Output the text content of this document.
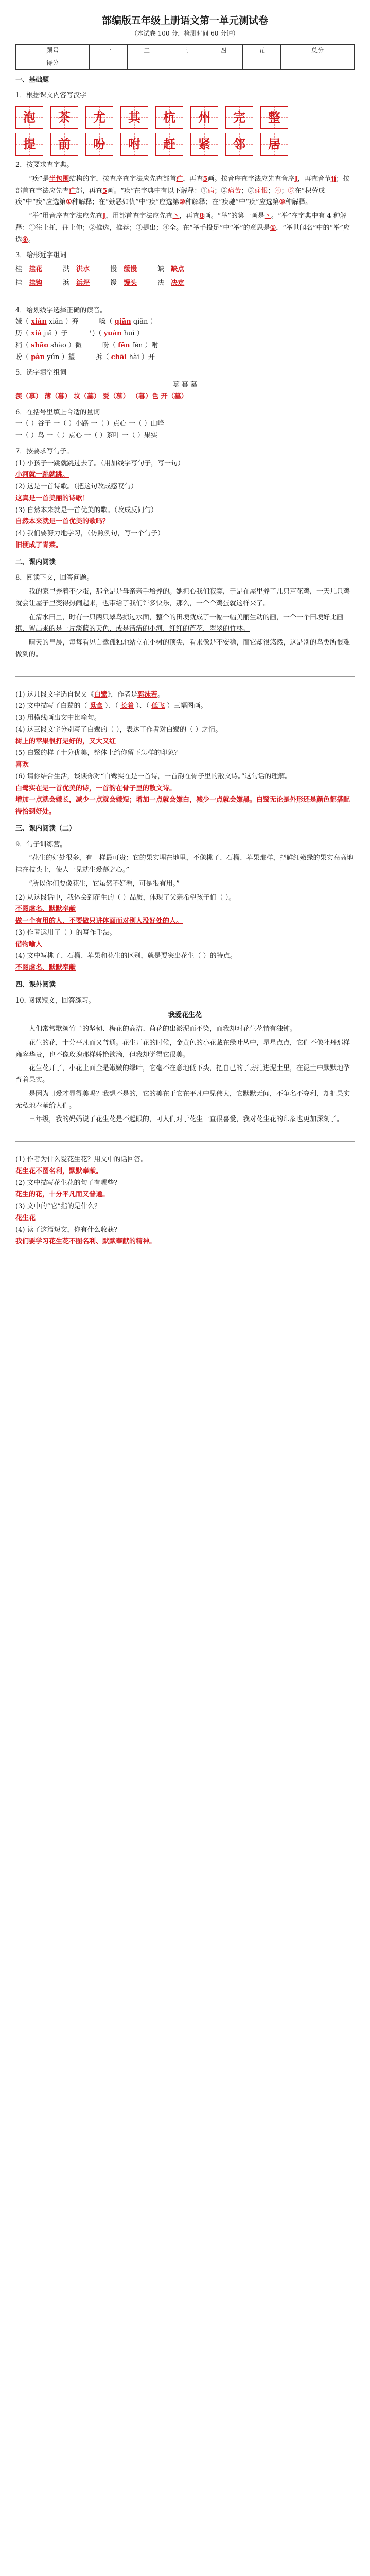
部编版五年级上册语文第一单元测试卷
（本试卷 100 分，检测时间 60 分钟）
题号	一	二	三	四	五	总分
得分						
一、基础题
1．根据课文内容写汉字
泡 茶 尤 其 杭 州 完 整
提 前 吩 咐 赶 紧 邻 居
2．按要求查字典。
“疾”是半包围结构的字，按查序查字法应先查部首疒，再查5画。按音序查字法应先查音序J，再查音节jí；按部首查字法应先查疒部，再查5画。“疾”在字典中有以下解释：①病；②痛苦；③痛恨；④；⑤在“积劳成疾”中“疾”应选第①种解释；在“嫉恶如仇”中“疾”应选第③种解释；在“疾驰”中“疾”应选第⑤种解释。
“举”用音序查字法应先查J，用部首查字法应先查丶，再查8画。“举”的第一画是丶。“举”在字典中有 4 种解释：①往上托，往上伸；②推选，推荐；③提出；④全。在“举手投足”中“举”的意思是①，“举世闻名”中的“举”应选④。
3．给形近字组词
桂　 挂花	洪　 洪水	慢　 缓慢	缺　 缺点
挂　 挂钩	浜　 浜坪	馒　 馒头	决　 决定
4．给划线字选择正确的读音。
嫌（ xián xiǎn ）弃	嗓（ qiān qiǎn ）
历（ xià jiǎ ）子	马（ yuàn huì ）
稍（ shāo shào ）微	吩（ fēn fèn ）咐
盼（ pàn yún ）望	拆（ chāi hài ）开
5．选字填空组词
慕 暮 墓
羡（慕） 薄（暮） 坟（墓） 爱（慕） （暮）色 开（墓）
6．在括号里填上合适的量词
一（ ）谷子 一（ ）小路 一（ ）点心 一（ ）山峰
一（ ）鸟 一（ ）点心 一（ ）茶叶 一（ ）果实
7．按要求写句子。
(1) 小孩子一跳就跳过去了。（用加线字写句子，写一句）
小河就一跳就跳。
(2) 这是一首诗歌。（把这句改成感叹句）
这真是一首美丽的诗歌！
(3) 自然本来就是一首优美的歌。（改成反问句）
自然本来就是一首优美的歌吗？
(4) 我们要努力地学习，（仿照例句，写一个句子）
旧梗成了青菜。
二、课内阅读
8．阅读下文，回答问题。

我的家里养着不少蛋，那全是是母亲亲手培养的。她担心我们寂寞，于是在屋里养了几只芦花鸡，一天几只鸡就会让屋子里变得热闹起来，也带给了我们许多快乐，那么，一个个鸡蛋就这样来了。

在清水田里，时有一只两只翠鸟掠过水面，整个的田埂就成了一幅一幅美丽生动的画，一个一个田埂好比画框，留出来的是一片淡蓝的天色，或是清清的小河，红红的芦花，翠翠的竹林。

晴天的早晨，每每看见白鹭孤独地站立在小树的顶尖，看来像是不安稳，而它却很悠然，这是别的鸟类所很难做到的。

(1) 这几段文字选自课文《白鹭》，作者是郭沫若。
(2) 文中描写了白鹭的（ 觅食 ）、（ 长着 ）、（ 低飞 ）三幅图画。
(3) 用横线画出文中比喻句。
(4) 这三段文字分别写了白鹭的（ ），表达了作者对白鹭的（ ）之情。
树上的苹果很打是好的，又大又红
(5) 白鹭的样子十分优美，整体上给你留下怎样的印象？
喜欢
(6) 请你结合生活，谈谈你对“白鹭实在是一首诗，一首韵在骨子里的散文诗。”这句话的理解。
白鹭实在是一首优美的诗，一首韵在骨子里的散文诗。
增加一点就会嫌长，减少一点就会嫌短；增加一点就会嫌白，减少一点就会嫌黑。白鹭无论是外形还是颜色都搭配得恰到好处。
三、课内阅读（二）
9．句子训练营。

“花生的好处很多，有一样最可贵：它的果实埋在地里，不像桃子、石榴、苹果那样，把鲜红嫩绿的果实高高地挂在枝头上，使人一见就生爱慕之心。”

“所以你们要像花生，它虽然不好看，可是很有用。”

(2) 从这段话中，我体会到花生的（ ）品质，体现了父亲希望孩子们（ ）。
不图虚名、默默奉献
做一个有用的人，不要做只讲体面而对别人没好处的人。
(3) 作者运用了（ ）的写作手法。
借物喻人
(4) 文中写桃子、石榴、苹果和花生的区别，就是要突出花生（ ）的特点。
不图虚名、默默奉献
四、课外阅读
10. 阅读短文，回答练习。
我爱花生花

人们常常歌颂竹子的坚韧、梅花的高洁、荷花的出淤泥而不染，而我却对花生花情有独钟。

花生的花，十分平凡而又普通。花生开花的时候，金黄色的小花藏在绿叶丛中，星星点点，它们不像牡丹那样雍容华贵，也不像玫瑰那样娇艳欲滴，但我却觉得它很美。

花生花开了，小花上面全是嫩嫩的绿叶，它毫不在意地低下头，把自己的子房扎进泥土里，在泥土中默默地孕育着果实。

是因为可爱才显得美吗？我想不是的，它的美在于它在平凡中见伟大，它默默无闻，不争名不夺利，却把果实无私地奉献给人们。

三年级，我的妈妈说了花生花是不起眼的，可人们对于花生一直很喜爱，我对花生花的印象也更加深刻了。

(1) 作者为什么爱花生花？用文中的话回答。
花生花不图名利，默默奉献。
(2) 文中描写花生花的句子有哪些？
花生的花，十分平凡而又普通。
(3) 文中的“它”指的是什么？
花生花
(4) 读了这篇短文，你有什么收获？
我们要学习花生花不图名利、默默奉献的精神。
